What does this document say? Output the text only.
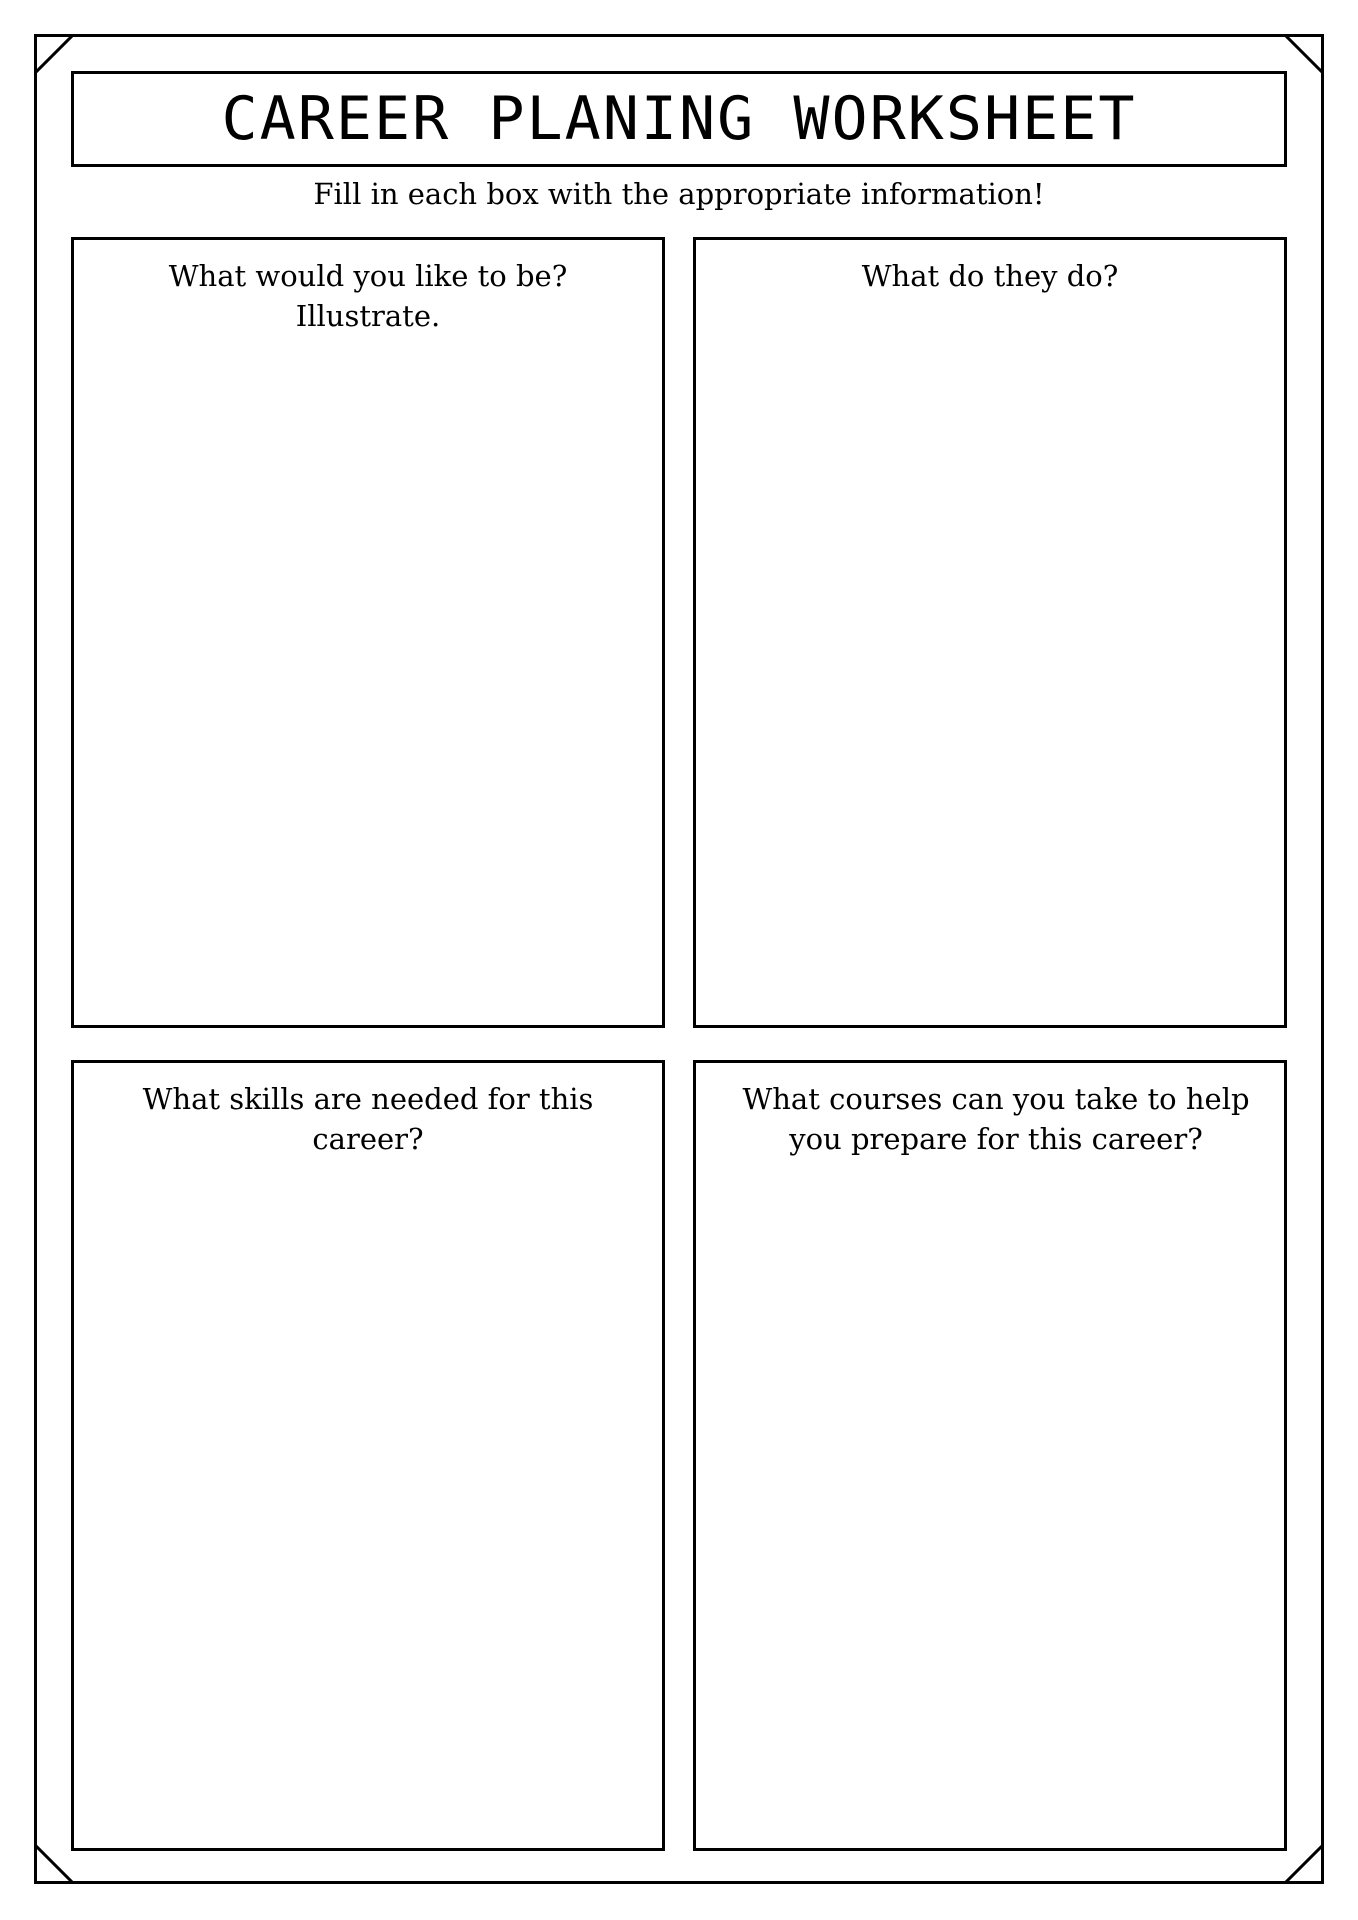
CAREER PLANING WORKSHEET
Fill in each box with the appropriate information!
What would you like to be? Illustrate.
What do they do?
What skills are needed for this career?
What courses can you take to help you prepare for this career?
